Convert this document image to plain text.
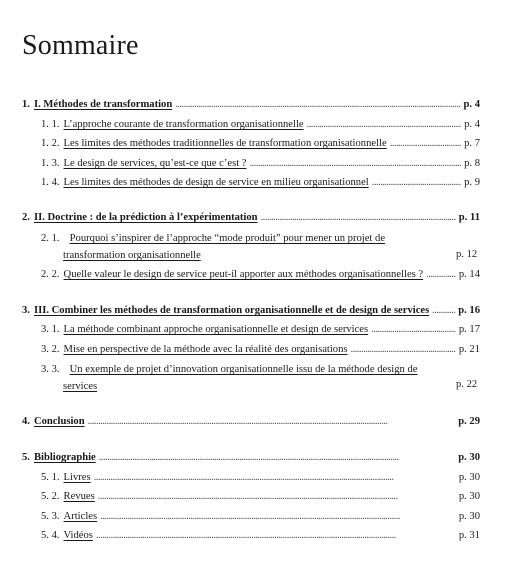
Sommaire
1. I. Méthodes de transformation . . .	p. 4
1. 1. L’approche courante de transformation organisationnelle . . .	p. 4
1. 2. Les limites des méthodes traditionnelles de transformation organisationnelle . . .	p. 7
1. 3. Le design de services, qu’est-ce que c’est ? . . .	p. 8
1. 4. Les limites des méthodes de design de service en milieu organisationnel . . .	p. 9
2. II. Doctrine : de la prédiction à l’expérimentation . . .	p. 11
2. 1. Pourquoi s’inspirer de l’approche “mode produit” pour mener un projet de
transformation organisationnelle	p. 12
2. 2. Quelle valeur le design de service peut-il apporter aux méthodes organisationnelles ? . . .	p. 14
3. III. Combiner les méthodes de transformation organisationnelle et de design de services . . .	p. 16
3. 1. La méthode combinant approche organisationnelle et design de services . . .	p. 17
3. 2. Mise en perspective de la méthode avec la réalité des organisations . . .	p. 21
3. 3. Un exemple de projet d’innovation organisationnelle issu de la méthode design de
services	p. 22
4. Conclusion . . .	p. 29
5. Bibliographie . . .	p. 30
5. 1. Livres . . .	p. 30
5. 2. Revues . . .	p. 30
5. 3. Articles . . .	p. 30
5. 4. Vidéos . . .	p. 31
